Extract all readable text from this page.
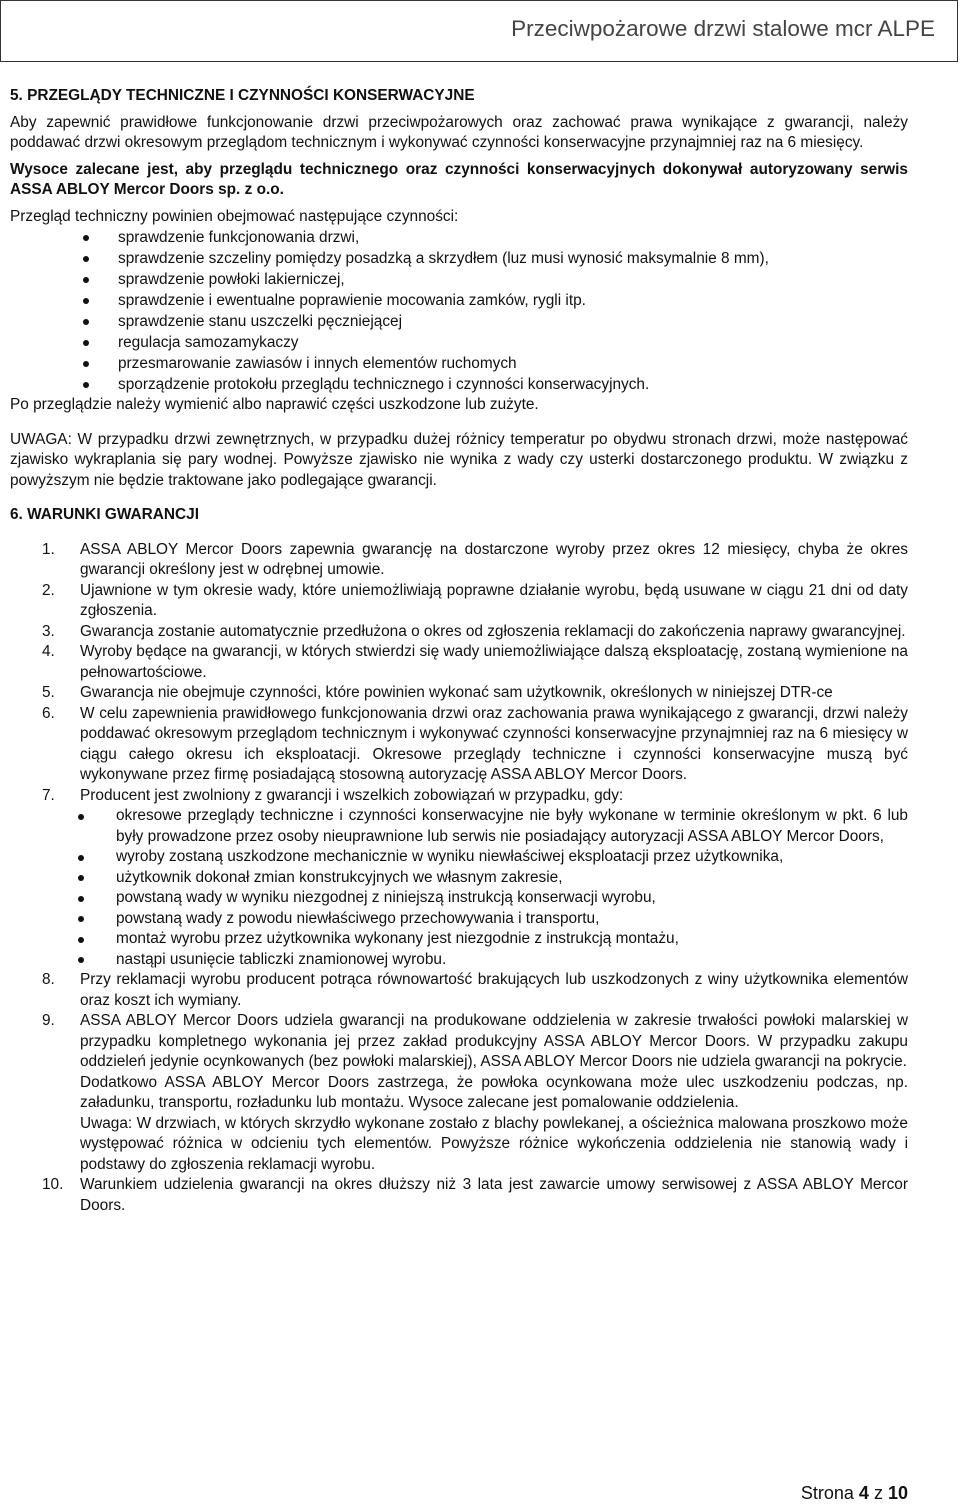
Przeciwpożarowe drzwi stalowe mcr ALPE
5. PRZEGLĄDY TECHNICZNE I CZYNNOŚCI KONSERWACYJNE

Aby zapewnić prawidłowe funkcjonowanie drzwi przeciwpożarowych oraz zachować prawa wynikające z gwarancji, należy poddawać drzwi okresowym przeglądom technicznym i wykonywać czynności konserwacyjne przynajmniej raz na 6 miesięcy.

Wysoce zalecane jest, aby przeglądu technicznego oraz czynności konserwacyjnych dokonywał autoryzowany serwis ASSA ABLOY Mercor Doors sp. z o.o.

Przegląd techniczny powinien obejmować następujące czynności:

sprawdzenie funkcjonowania drzwi,
sprawdzenie szczeliny pomiędzy posadzką a skrzydłem (luz musi wynosić maksymalnie 8 mm),
sprawdzenie powłoki lakierniczej,
sprawdzenie i ewentualne poprawienie mocowania zamków, rygli itp.
sprawdzenie stanu uszczelki pęczniejącej
regulacja samozamykaczy
przesmarowanie zawiasów i innych elementów ruchomych
sporządzenie protokołu przeglądu technicznego i czynności konserwacyjnych.

Po przeglądzie należy wymienić albo naprawić części uszkodzone lub zużyte.

UWAGA: W przypadku drzwi zewnętrznych, w przypadku dużej różnicy temperatur po obydwu stronach drzwi, może następować zjawisko wykraplania się pary wodnej. Powyższe zjawisko nie wynika z wady czy usterki dostarczonego produktu. W związku z powyższym nie będzie traktowane jako podlegające gwarancji.

6. WARUNKI GWARANCJI
1. ASSA ABLOY Mercor Doors zapewnia gwarancję na dostarczone wyroby przez okres 12 miesięcy, chyba że okres gwarancji określony jest w odrębnej umowie.
2. Ujawnione w tym okresie wady, które uniemożliwiają poprawne działanie wyrobu, będą usuwane w ciągu 21 dni od daty zgłoszenia.
3. Gwarancja zostanie automatycznie przedłużona o okres od zgłoszenia reklamacji do zakończenia naprawy gwarancyjnej.
4. Wyroby będące na gwarancji, w których stwierdzi się wady uniemożliwiające dalszą eksploatację, zostaną wymienione na pełnowartościowe.
5. Gwarancja nie obejmuje czynności, które powinien wykonać sam użytkownik, określonych w niniejszej DTR-ce
6. W celu zapewnienia prawidłowego funkcjonowania drzwi oraz zachowania prawa wynikającego z gwarancji, drzwi należy poddawać okresowym przeglądom technicznym i wykonywać czynności konserwacyjne przynajmniej raz na 6 miesięcy w ciągu całego okresu ich eksploatacji. Okresowe przeglądy techniczne i czynności konserwacyjne muszą być wykonywane przez firmę posiadającą stosowną autoryzację ASSA ABLOY Mercor Doors.
7. Producent jest zwolniony z gwarancji i wszelkich zobowiązań w przypadku, gdy:
okresowe przeglądy techniczne i czynności konserwacyjne nie były wykonane w terminie określonym w pkt. 6 lub były prowadzone przez osoby nieuprawnione lub serwis nie posiadający autoryzacji ASSA ABLOY Mercor Doors,
wyroby zostaną uszkodzone mechanicznie w wyniku niewłaściwej eksploatacji przez użytkownika,
użytkownik dokonał zmian konstrukcyjnych we własnym zakresie,
powstaną wady w wyniku niezgodnej z niniejszą instrukcją konserwacji wyrobu,
powstaną wady z powodu niewłaściwego przechowywania i transportu,
montaż wyrobu przez użytkownika wykonany jest niezgodnie z instrukcją montażu,
nastąpi usunięcie tabliczki znamionowej wyrobu.
8. Przy reklamacji wyrobu producent potrąca równowartość brakujących lub uszkodzonych z winy użytkownika elementów oraz koszt ich wymiany.
9. ASSA ABLOY Mercor Doors udziela gwarancji na produkowane oddzielenia w zakresie trwałości powłoki malarskiej w przypadku kompletnego wykonania jej przez zakład produkcyjny ASSA ABLOY Mercor Doors. W przypadku zakupu oddzieleń jedynie ocynkowanych (bez powłoki malarskiej), ASSA ABLOY Mercor Doors nie udziela gwarancji na pokrycie.

Dodatkowo ASSA ABLOY Mercor Doors zastrzega, że powłoka ocynkowana może ulec uszkodzeniu podczas, np. załadunku, transportu, rozładunku lub montażu. Wysoce zalecane jest pomalowanie oddzielenia.

Uwaga: W drzwiach, w których skrzydło wykonane zostało z blachy powlekanej, a ościeżnica malowana proszkowo może występować różnica w odcieniu tych elementów. Powyższe różnice wykończenia oddzielenia nie stanowią wady i podstawy do zgłoszenia reklamacji wyrobu.

10. Warunkiem udzielenia gwarancji na okres dłuższy niż 3 lata jest zawarcie umowy serwisowej z ASSA ABLOY Mercor Doors.
Strona 4 z 10
